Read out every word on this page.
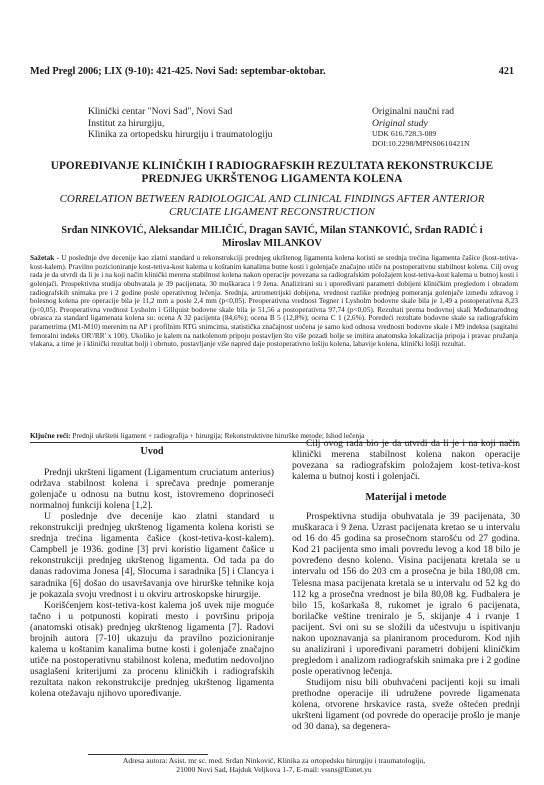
Med Pregl 2006; LIX (9-10): 421-425. Novi Sad: septembar-oktobar.	421
Klinički centar "Novi Sad", Novi Sad
Institut za hirurgiju,
Klinika za ortopedsku hirurgiju i traumatologiju
Originalni naučni rad
Original study
UDK 616.728.3-089
DOI:10.2298/MPNS0610421N
UPOREĐIVANJE KLINIČKIH I RADIOGRAFSKIH REZULTATA REKONSTRUKCIJE
PREDNJEG UKRŠTENOG LIGAMENTA KOLENA
CORRELATION BETWEEN RADIOLOGICAL AND CLINICAL FINDINGS AFTER ANTERIOR
CRUCIATE LIGAMENT RECONSTRUCTION
Srđan NINKOVIĆ, Aleksandar MILIČIĆ, Dragan SAVIĆ, Milan STANKOVIĆ, Srđan RADIĆ i
Miroslav MILANKOV
Sažetak - U poslednje dve decenije kao zlatni standard u rekonstrukciji prednjeg ukrštenog ligamenta kolena koristi se srednja trećina ligamenta čašice (kost-tetiva-kost-kalem). Pravilno pozicioniranje kost-tetiva-kost kalema u koštanim kanalima butne kosti i golenjače značajno utiče na postoperativnu stabilnost kolena. Cilj ovog rada je da utvrdi da li je i na koji način klinički merena stabilnost kolena nakon operacije povezana sa radiografskim položajem kost-tetiva-kost kalema u butnoj kosti i golenjači. Prospektivna studija obuhvatala je 39 pacijenata, 30 muškaraca i 9 žena. Analizirani su i upoređivani parametri dobijeni kliničkim pregledom i obradom radiografskih snimaka pre i 2 godine posle operativnog lečenja. Srednja, artrometrijski dobijena, vrednost razlike prednjeg pomeranja golenjače između zdravog i bolesnog kolena pre operacije bila je 11,2 mm a posle 2,4 mm (p<0,05). Preoperativna vrednost Tegner i Lysholm bodovne skale bila je 1,49 a postoperativna 8,23 (p<0,05). Preoperativna vrednost Lysholm i Gillquist bodovne skale bila je 51,56 a postoperativna 97,74 (p<0,05). Rezultati prema bodovnoj skali Međunarodnog obrasca za standard ligamenata kolena su: ocena A 32 pacijenta (84,6%); ocena B 5 (12,8%); ocena C 1 (2,6%). Poredeći rezultate bodovne skale sa radiografskim parametrima (M1-M10) merenim na AP i profilnim RTG snimcima, statistička značajnost uočena je samo kod odnosa vrednosti bodovne skale i M9 indeksa (sagitalni femoralni indeks OR'/RR' x 100). Ukoliko je kalem na natkolenom pripoju postavljen što više pozadi bolje se imitira anatomska lokalizacija pripoja i pravac pružanja vlakana, a time je i klinički rezultat bolji i obrnuto, postavljanje više napred daje postoperativno lošiju kolena, labavije kolena, klinički lošiji rezultat.
Ključne reči: Prednji ukršteni ligament + radiografija + hirurgija; Rekonstruktivne hirurške metode; Ishod lečenja
Uvod

Prednji ukršteni ligament (Ligamentum cruciatum anterius) održava stabilnost kolena i sprečava prednje pomeranje golenjače u odnosu na butnu kost, istovremeno doprinoseći normalnoj funkciji kolena [1,2].

U poslednje dve decenije kao zlatni standard u rekonstrukciji prednjeg ukrštenog ligamenta kolena koristi se srednja trećina ligamenta čašice (kost-tetiva-kost-kalem). Campbell je 1936. godine [3] prvi koristio ligament čašice u rekonstrukciji prednjeg ukrštenog ligamenta. Od tada pa do danas radovima Jonesa [4], Slocuma i saradnika [5] i Clancya i saradnika [6] došao do usavršavanja ove hirurške tehnike koja je pokazala svoju vrednost i u okviru artroskopske hirurgije.

Korišćenjem kost-tetiva-kost kalema još uvek nije moguće tačno i u potpunosti kopirati mesto i površinu pripoja (anatomski otisak) prednjeg ukrštenog ligamenta [7]. Radovi brojnih autora [7-10] ukazuju da pravilno pozicioniranje kalema u koštanim kanalima butne kosti i golenjače značajno utiče na postoperativnu stabilnost kolena, međutim nedovoljno usaglašeni kriterijumi za procenu kliničkih i radiografskih rezultata nakon rekonstrukcije prednjeg ukrštenog ligamenta kolena otežavaju njihovo upoređivanje.

Cilj ovog rada bio je da utvrdi da li je i na koji način klinički merena stabilnost kolena nakon operacije povezana sa radiografskim položajem kost-tetiva-kost kalema u butnoj kosti i golenjači.

Materijal i metode

Prospektivna studija obuhvatala je 39 pacijenata, 30 muškaraca i 9 žena. Uzrast pacijenata kretao se u intervalu od 16 do 45 godina sa prosečnom starošću od 27 godina. Kod 21 pacijenta smo imali povredu levog a kod 18 bilo je povređeno desno koleno. Visina pacijenata kretala se u intervalu od 156 do 203 cm a prosečna je bila 180,08 cm. Telesna masa pacijenata kretala se u intervalu od 52 kg do 112 kg a prosečna vrednost je bila 80,08 kg. Fudbalera je bilo 15, košarkaša 8, rukomet je igralo 6 pacijenata, borilačke veštine treniralo je 5, skijanje 4 i rvanje 1 pacijent. Svi oni su se složili da učestvuju u ispitivanju nakon upoznavanja sa planiranom procedurom. Kod njih su analizirani i upoređivani parametri dobijeni kliničkim pregledom i analizom radiografskih snimaka pre i 2 godine posle operativnog lečenja.

Studijom nisu bili obuhvaćeni pacijenti koji su imali prethodne operacije ili udružene povrede ligamenata kolena, otvorene hrskavice rasta, sveže oštećen prednji ukršteni ligament (od povrede do operacije prošlo je manje od 30 dana), sa degenera-

Adresa autora: Asist. mr sc. med. Srđan Ninković, Klinika za ortopedsku hirurgiju i traumatologiju,
21000 Novi Sad, Hajduk Veljkova 1-7, E-mail: vssns@Eunet.yu
